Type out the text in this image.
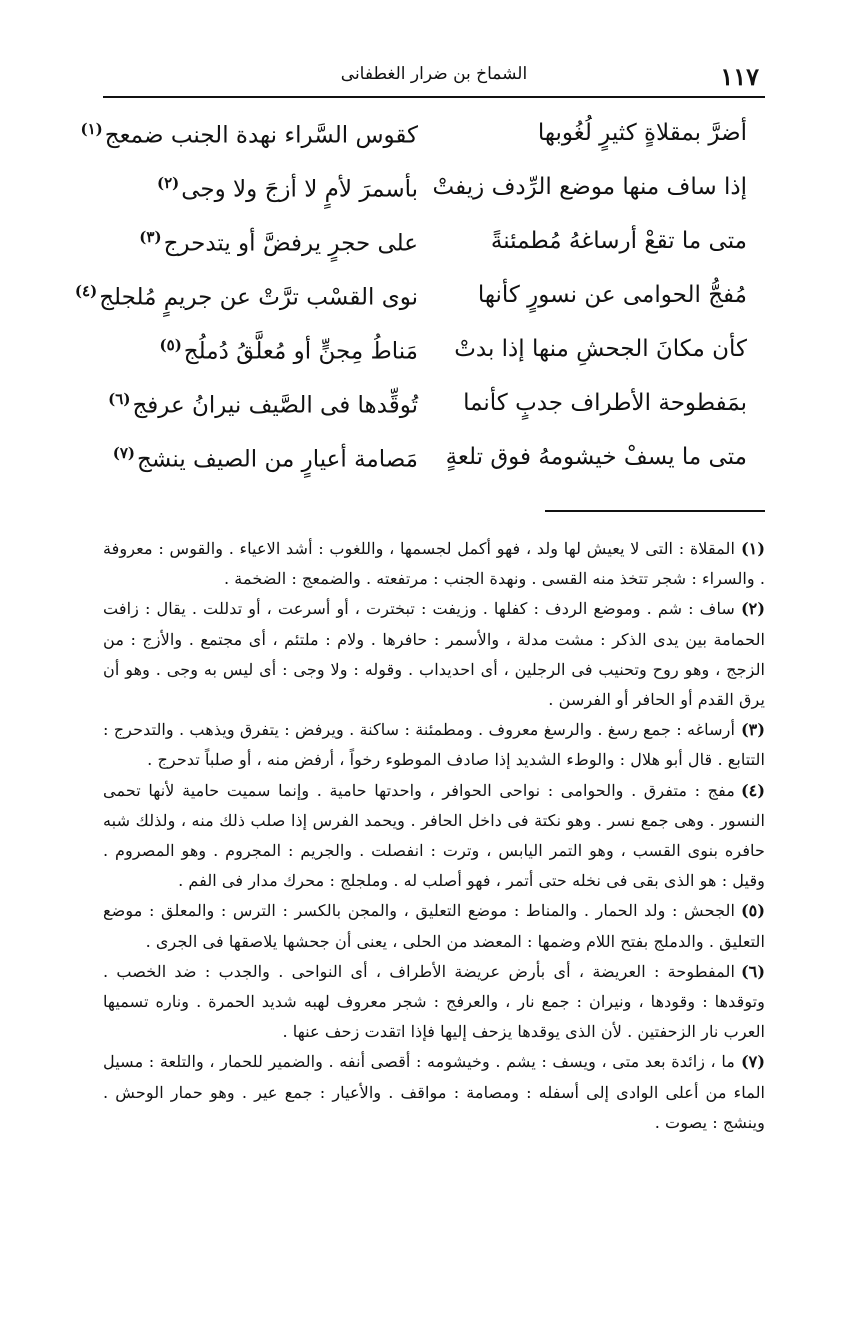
١١٧
الشماخ بن ضرار الغطفانى
أضرَّ بمقلاةٍ كثيرٍ لُغُوبها
كقوس السَّراء نهدة الجنب ضمعج$^{(١)}$
إذا ساف منها موضع الرِّدف زيفتْ
بأسمرَ لأمٍ لا أزجَ ولا وجى$^{(٢)}$
متى ما تقعْ أرساغهُ مُطمئنةً
على حجرٍ يرفضَّ أو يتدحرج$^{(٣)}$
مُفجُّ الحوامى عن نسورٍ كأنها
نوى القسْب ترَّتْ عن جريمٍ مُلجلج$^{(٤)}$
كأن مكانَ الجحشِ منها إذا بدتْ
مَناطُ مِجنٍّ أو مُعلَّقُ دُملُج$^{(٥)}$
بمَفطوحة الأطراف جدبٍ كأنما
تُوقِّدها فى الصَّيف نيرانُ عرفج$^{(٦)}$
متى ما يسفْ خيشومهُ فوق تلعةٍ
مَصامة أعيارٍ من الصيف ينشج$^{(٧)}$

(١)المقلاة : التى لا يعيش لها ولد ، فهو أكمل لجسمها ، واللغوب : أشد الاعياء . والقوس : معروفة . والسراء : شجر تتخذ منه القسى . ونهدة الجنب : مرتفعته . والضمعج : الضخمة .

(٢)ساف : شم . وموضع الردف : كفلها . وزيفت : تبخترت ، أو أسرعت ، أو تدللت . يقال : زافت الحمامة بين يدى الذكر : مشت مدلة ، والأسمر : حافرها . ولام : ملتئم ، أى مجتمع . والأزج : من الزجج ، وهو روح وتحنيب فى الرجلين ، أى احديداب . وقوله : ولا وجى : أى ليس به وجى . وهو أن يرق القدم أو الحافر أو الفرسن .

(٣)أرساغه : جمع رسغ . والرسغ معروف . ومطمئنة : ساكنة . ويرفض : يتفرق ويذهب . والتدحرج : التتابع . قال أبو هلال : والوطء الشديد إذا صادف الموطوء رخواً ، أرفض منه ، أو صلباً تدحرج .

(٤)مفج : متفرق . والحوامى : نواحى الحوافر ، واحدتها حامية . وإنما سميت حامية لأنها تحمى النسور . وهى جمع نسر . وهو نكتة فى داخل الحافر . ويحمد الفرس إذا صلب ذلك منه ، ولذلك شبه حافره بنوى القسب ، وهو التمر اليابس ، وترت : انفصلت . والجريم : المجروم . وهو المصروم . وقيل : هو الذى بقى فى نخله حتى أتمر ، فهو أصلب له . وملجلج : محرك مدار فى الفم .

(٥)الجحش : ولد الحمار . والمناط : موضع التعليق ، والمجن بالكسر : الترس : والمعلق : موضع التعليق . والدملج بفتح اللام وضمها : المعضد من الحلى ، يعنى أن جحشها يلاصقها فى الجرى .

(٦)المفطوحة : العريضة ، أى بأرض عريضة الأطراف ، أى النواحى . والجدب : ضد الخصب . وتوقدها : وقودها ، ونيران : جمع نار ، والعرفج : شجر معروف لهبه شديد الحمرة . وناره تسميها العرب نار الزحفتين . لأن الذى يوقدها يزحف إليها فإذا اتقدت زحف عنها .

(٧)ما ، زائدة بعد متى ، ويسف : يشم . وخيشومه : أقصى أنفه . والضمير للحمار ، والتلعة : مسيل الماء من أعلى الوادى إلى أسفله : ومصامة : مواقف . والأعيار : جمع عير . وهو حمار الوحش . وينشج : يصوت .
